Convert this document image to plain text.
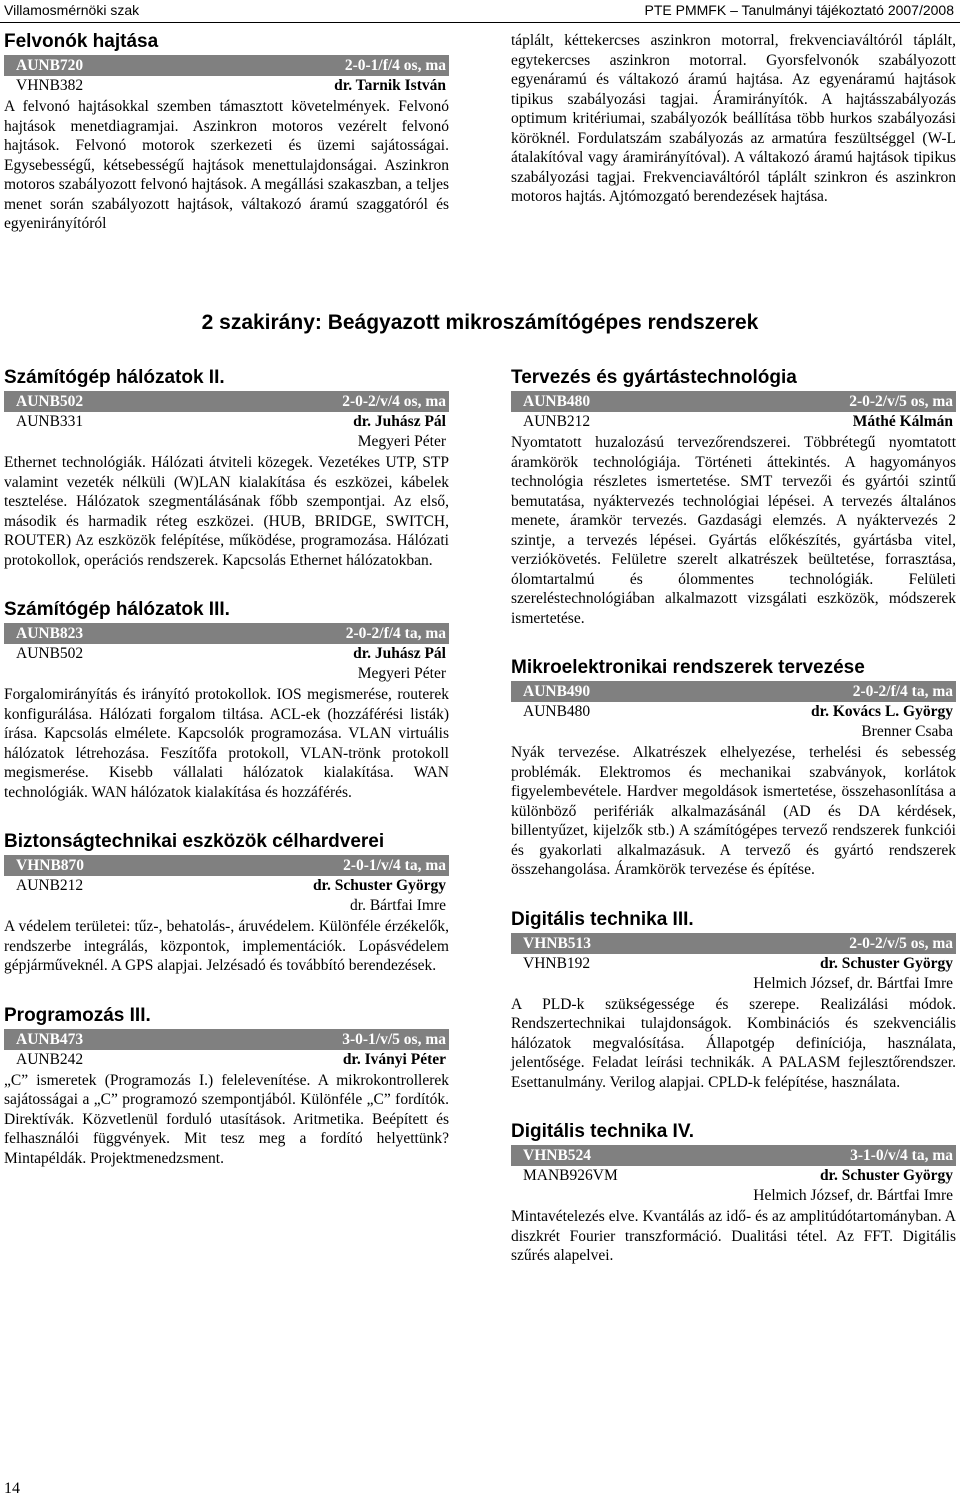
Villamosmérnöki szak	PTE PMMFK – Tanulmányi tájékoztató 2007/2008
Felvonók hajtása
AUNB720	2-0-1/f/4 os, ma
VHNB382	dr. Tarnik István
A felvonó hajtásokkal szemben támasztott követelmények. Felvonó hajtások menetdiagramjai. Aszinkron motoros vezérelt felvonó hajtások. Felvonó motorok szerkezeti és üzemi sajátosságai. Egysebességű, kétsebességű hajtások menettulajdonságai. Aszinkron motoros szabályozott felvonó hajtások. A megállási szakaszban, a teljes menet során szabályozott hajtások, váltakozó áramú szaggatóról és egyenirányítóról
táplált, kéttekercses aszinkron motorral, frekvenciaváltóról táplált, egytekercses aszinkron motorral. Gyorsfelvonók szabályozott egyenáramú és váltakozó áramú hajtása. Az egyenáramú hajtások tipikus szabályozási tagjai. Áramirányítók. A hajtásszabályozás optimum kritériumai, szabályozók beállítása több hurkos szabályozási köröknél. Fordulatszám szabályozás az armatúra feszültséggel (W-L átalakítóval vagy áramirányítóval). A váltakozó áramú hajtások tipikus szabályozási tagjai. Frekvenciaváltóról táplált szinkron és aszinkron motoros hajtás. Ajtómozgató berendezések hajtása.
2 szakirány: Beágyazott mikroszámítógépes rendszerek
Számítógép hálózatok II.
AUNB502	2-0-2/v/4 os, ma
AUNB331	dr. Juhász Pál
Megyeri Péter
Ethernet technológiák. Hálózati átviteli közegek. Vezetékes UTP, STP valamint vezeték nélküli (W)LAN kialakítása és eszközei, kábelek tesztelése. Hálózatok szegmentálásának főbb szempontjai. Az első, második és harmadik réteg eszközei. (HUB, BRIDGE, SWITCH, ROUTER) Az eszközök felépítése, működése, programozása. Hálózati protokollok, operációs rendszerek. Kapcsolás Ethernet hálózatokban.
Számítógép hálózatok III.
AUNB823	2-0-2/f/4 ta, ma
AUNB502	dr. Juhász Pál
Megyeri Péter
Forgalomirányítás és irányító protokollok. IOS megismerése, routerek konfigurálása. Hálózati forgalom tiltása. ACL-ek (hozzáférési listák) írása. Kapcsolás elmélete. Kapcsolók programozása. VLAN virtuális hálózatok létrehozása. Feszítőfa protokoll, VLAN-trönk protokoll megismerése. Kisebb vállalati hálózatok kialakítása. WAN technológiák. WAN hálózatok kialakítása és hozzáférés.
Biztonságtechnikai eszközök célhardverei
VHNB870	2-0-1/v/4 ta, ma
AUNB212	dr. Schuster György
dr. Bártfai Imre
A védelem területei: tűz-, behatolás-, áruvédelem. Különféle érzékelők, rendszerbe integrálás, központok, implementációk. Lopásvédelem gépjárműveknél. A GPS alapjai. Jelzésadó és továbbító berendezések.
Programozás III.
AUNB473	3-0-1/v/5 os, ma
AUNB242	dr. Iványi Péter
„C” ismeretek (Programozás I.) felelevenítése. A mikrokontrollerek sajátosságai a „C” programozó szempontjából. Különféle „C” fordítók. Direktívák. Közvetlenül forduló utasítások. Aritmetika. Beépített és felhasználói függvények. Mit tesz meg a fordító helyettünk? Mintapéldák. Projektmenedzsment.
Tervezés és gyártástechnológia
AUNB480	2-0-2/v/5 os, ma
AUNB212	Máthé Kálmán
Nyomtatott huzalozású tervezőrendszerei. Többrétegű nyomtatott áramkörök technológiája. Történeti áttekintés. A hagyományos technológia részletes ismertetése. SMT tervezői és gyártói szintű bemutatása, nyáktervezés technológiai lépései. A tervezés általános menete, áramkör tervezés. Gazdasági elemzés. A nyáktervezés 2 szintje, a tervezés lépései. Gyártás előkészítés, gyártásba vitel, verziókövetés. Felületre szerelt alkatrészek beültetése, forrasztása, ólomtartalmú és ólommentes technológiák. Felületi szereléstechnológiában alkalmazott vizsgálati eszközök, módszerek ismertetése.
Mikroelektronikai rendszerek tervezése
AUNB490	2-0-2/f/4 ta, ma
AUNB480	dr. Kovács L. György
Brenner Csaba
Nyák tervezése. Alkatrészek elhelyezése, terhelési és sebesség problémák. Elektromos és mechanikai szabványok, korlátok figyelembevétele. Hardver megoldások ismertetése, összehasonlítása a különböző perifériák alkalmazásánál (AD és DA kérdések, billentyűzet, kijelzők stb.) A számítógépes tervező rendszerek funkciói és gyakorlati alkalmazásuk. A tervező és gyártó rendszerek összehangolása. Áramkörök tervezése és építése.
Digitális technika III.
VHNB513	2-0-2/v/5 os, ma
VHNB192	dr. Schuster György
Helmich József, dr. Bártfai Imre
A PLD-k szükségessége és szerepe. Realizálási módok. Rendszertechnikai tulajdonságok. Kombinációs és szekvenciális hálózatok megvalósítása. Állapotgép definíciója, használata, jelentősége. Feladat leírási technikák. A PALASM fejlesztőrendszer. Esettanulmány. Verilog alapjai. CPLD-k felépítése, használata.
Digitális technika IV.
VHNB524	3-1-0/v/4 ta, ma
MANB926VM	dr. Schuster György
Helmich József, dr. Bártfai Imre
Mintavételezés elve. Kvantálás az idő- és az amplitúdótartományban. A diszkrét Fourier transzformáció. Dualitási tétel. Az FFT. Digitális szűrés alapelvei.
14
